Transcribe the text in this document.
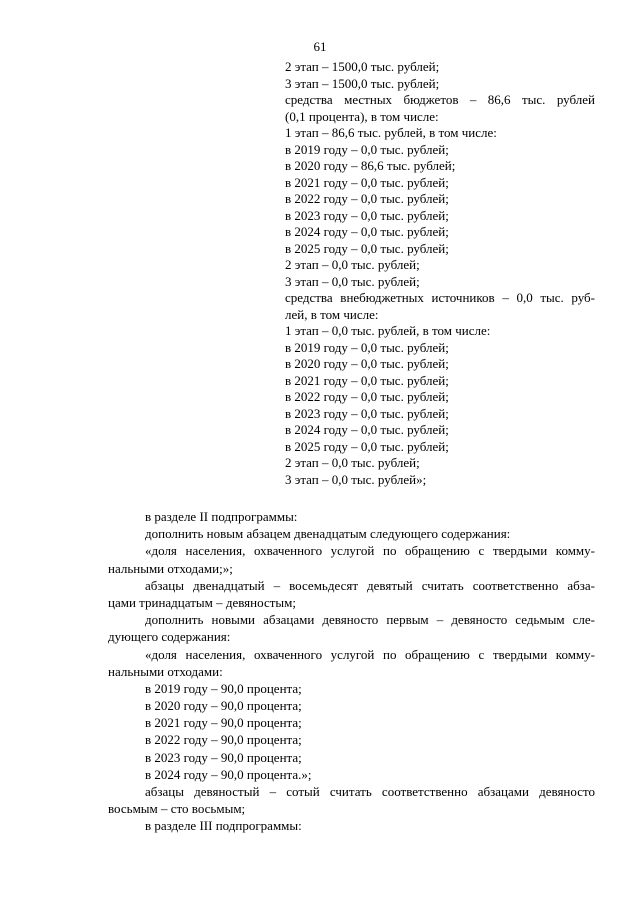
61
2 этап – 1500,0 тыс. рублей;
3 этап – 1500,0 тыс. рублей;
средства местных бюджетов – 86,6 тыс. рублей
(0,1 процента), в том числе:
1 этап – 86,6 тыс. рублей, в том числе:
в 2019 году – 0,0 тыс. рублей;
в 2020 году – 86,6 тыс. рублей;
в 2021 году – 0,0 тыс. рублей;
в 2022 году – 0,0 тыс. рублей;
в 2023 году – 0,0 тыс. рублей;
в 2024 году – 0,0 тыс. рублей;
в 2025 году – 0,0 тыс. рублей;
2 этап – 0,0 тыс. рублей;
3 этап – 0,0 тыс. рублей;
средства внебюджетных источников – 0,0 тыс. руб-
лей, в том числе:
1 этап – 0,0 тыс. рублей, в том числе:
в 2019 году – 0,0 тыс. рублей;
в 2020 году – 0,0 тыс. рублей;
в 2021 году – 0,0 тыс. рублей;
в 2022 году – 0,0 тыс. рублей;
в 2023 году – 0,0 тыс. рублей;
в 2024 году – 0,0 тыс. рублей;
в 2025 году – 0,0 тыс. рублей;
2 этап – 0,0 тыс. рублей;
3 этап – 0,0 тыс. рублей»;
в разделе II подпрограммы:
дополнить новым абзацем двенадцатым следующего содержания:
«доля населения, охваченного услугой по обращению с твердыми комму-
нальными отходами;»;
абзацы двенадцатый – восемьдесят девятый считать соответственно абза-
цами тринадцатым – девяностым;
дополнить новыми абзацами девяносто первым – девяносто седьмым сле-
дующего содержания:
«доля населения, охваченного услугой по обращению с твердыми комму-
нальными отходами:
в 2019 году – 90,0 процента;
в 2020 году – 90,0 процента;
в 2021 году – 90,0 процента;
в 2022 году – 90,0 процента;
в 2023 году – 90,0 процента;
в 2024 году – 90,0 процента.»;
абзацы девяностый – сотый считать соответственно абзацами девяносто
восьмым – сто восьмым;
в разделе III подпрограммы:
